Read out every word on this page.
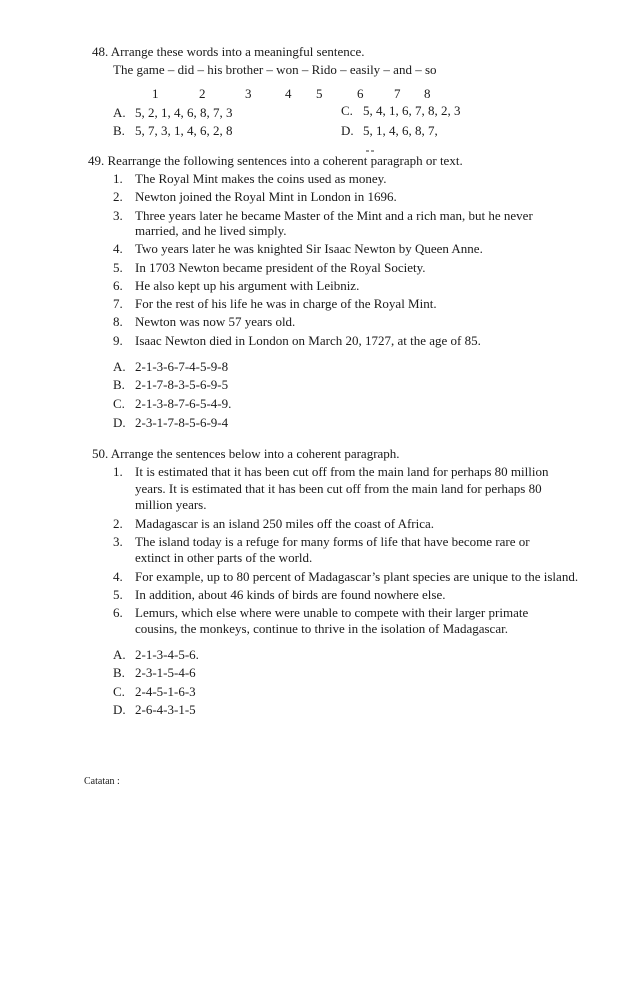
48. Arrange these words into a meaningful sentence.
The game – did – his brother – won – Rido – easily – and – so
1	2	3	4 5	6 7 8
A. 5, 2, 1, 4, 6, 8, 7, 3
B. 5, 7, 3, 1, 4, 6, 2, 8
C. 5, 4, 1, 6, 7, 8, 2, 3
D. 5, 1, 4, 6, 8, 7,
49. Rearrange the following sentences into a coherent paragraph or text.
1. The Royal Mint makes the coins used as money.
2. Newton joined the Royal Mint in London in 1696.
3. Three years later he became Master of the Mint and a rich man, but he never
married, and he lived simply.
4. Two years later he was knighted Sir Isaac Newton by Queen Anne.
5. In 1703 Newton became president of the Royal Society.
6. He also kept up his argument with Leibniz.
7. For the rest of his life he was in charge of the Royal Mint.
8. Newton was now 57 years old.
9. Isaac Newton died in London on March 20, 1727, at the age of 85.
A. 2-1-3-6-7-4-5-9-8
B. 2-1-7-8-3-5-6-9-5
C. 2-1-3-8-7-6-5-4-9.
D. 2-3-1-7-8-5-6-9-4
50. Arrange the sentences below into a coherent paragraph.
1. It is estimated that it has been cut off from the main land for perhaps 80 million
years. It is estimated that it has been cut off from the main land for perhaps 80
million years.
2. Madagascar is an island 250 miles off the coast of Africa.
3. The island today is a refuge for many forms of life that have become rare or
extinct in other parts of the world.
4. For example, up to 80 percent of Madagascar’s plant species are unique to the island.
5. In addition, about 46 kinds of birds are found nowhere else.
6. Lemurs, which else where were unable to compete with their larger primate
cousins, the monkeys, continue to thrive in the isolation of Madagascar.
A. 2-1-3-4-5-6.
B. 2-3-1-5-4-6
C. 2-4-5-1-6-3
D. 2-6-4-3-1-5
Catatan :
